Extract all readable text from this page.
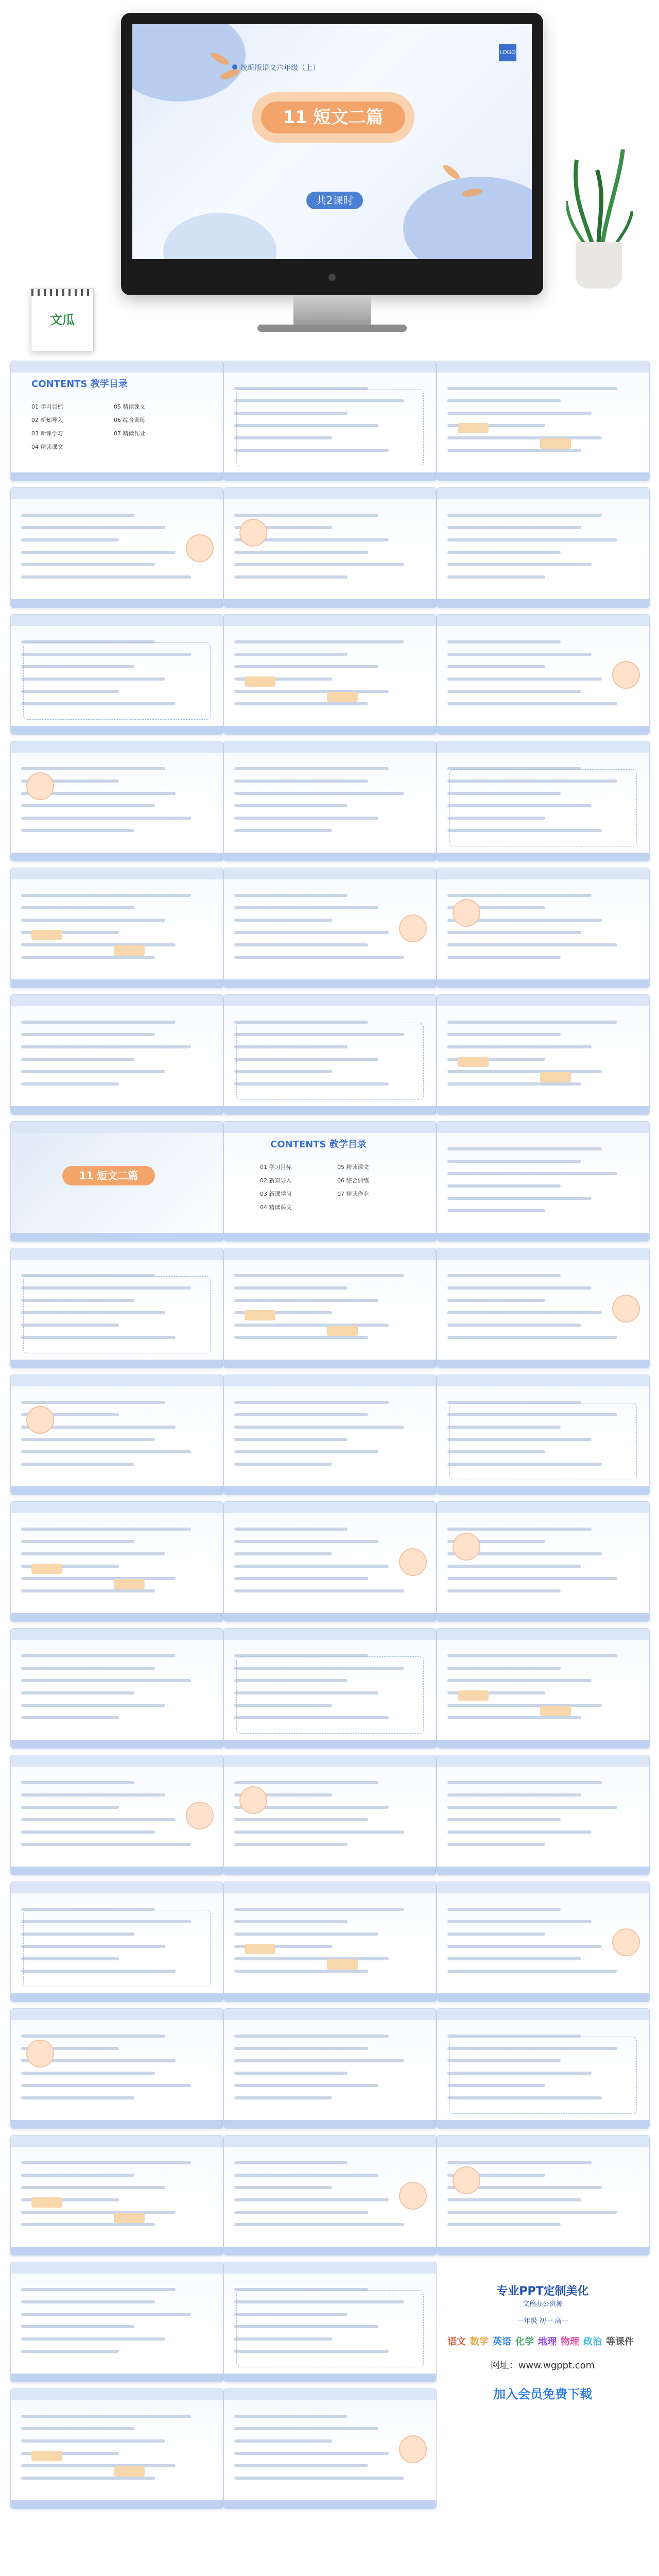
统编版语文六年级（上）
LOGO
11 短文二篇
共2课时
文瓜
CONTENTS 教学目录
01 学习目标
02 新知导入
03 新课学习
04 精读课文
05 精读课文
06 综合训练
07 精读作业
11 短文二篇
CONTENTS 教学目录
01 学习目标
02 新知导入
03 新课学习
04 精读课文
05 精读课文
06 综合训练
07 精读作业
专业PPT定制美化
文稿办公资源
一年级 初一 高一
语文 数学 英语 化学 地理 物理 政治 等课件
网址：www.wgppt.com
加入会员免费下载
